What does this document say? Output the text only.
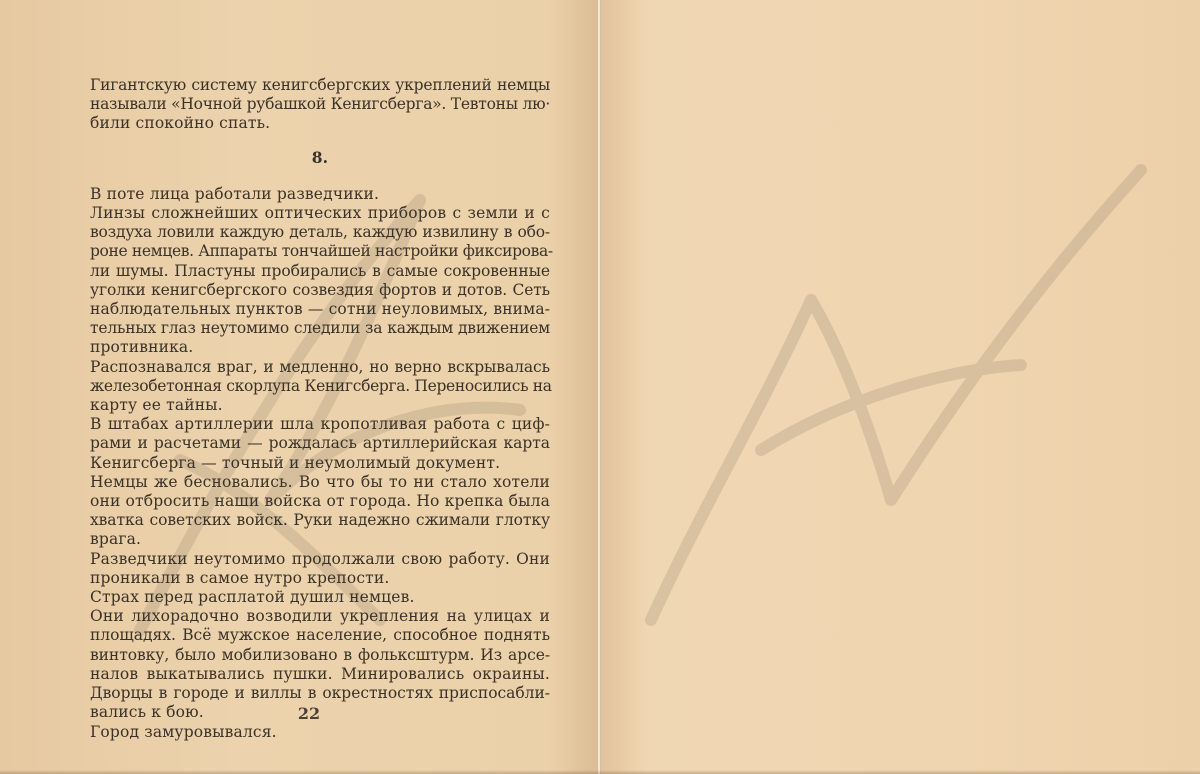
Гигантскую систему кенигсбергских укреплений немцы
называли «Ночной рубашкой Кенигсберга». Тевтоны лю·
били спокойно спать.
8.
В поте лица работали разведчики.
Линзы сложнейших оптических приборов с земли и с
воздуха ловили каждую деталь, каждую извилину в обо-
роне немцев. Аппараты тончайшей настройки фиксирова-
ли шумы. Пластуны пробирались в самые сокровенные
уголки кенигсбергского созвездия фортов и дотов. Сеть
наблюдательных пунктов — сотни неуловимых, внима-
тельных глаз неутомимо следили за каждым движением
противника.
Распознавался враг, и медленно, но верно вскрывалась
железобетонная скорлупа Кенигсберга. Переносились на
карту ее тайны.
В штабах артиллерии шла кропотливая работа с циф-
рами и расчетами — рождалась артиллерийская карта
Кенигсберга — точный и неумолимый документ.
Немцы же бесновались. Во что бы то ни стало хотели
они отбросить наши войска от города. Но крепка была
хватка советских войск. Руки надежно сжимали глотку
врага.
Разведчики неутомимо продолжали свою работу. Они
проникали в самое нутро крепости.
Страх перед расплатой душил немцев.
Они лихорадочно возводили укрепления на улицах и
площадях. Всё мужское население, способное поднять
винтовку, было мобилизовано в фольксштурм. Из арсе-
налов выкатывались пушки. Минировались окраины.
Дворцы в городе и виллы в окрестностях приспосабли-
вались к бою.
Город замуровывался.
22
